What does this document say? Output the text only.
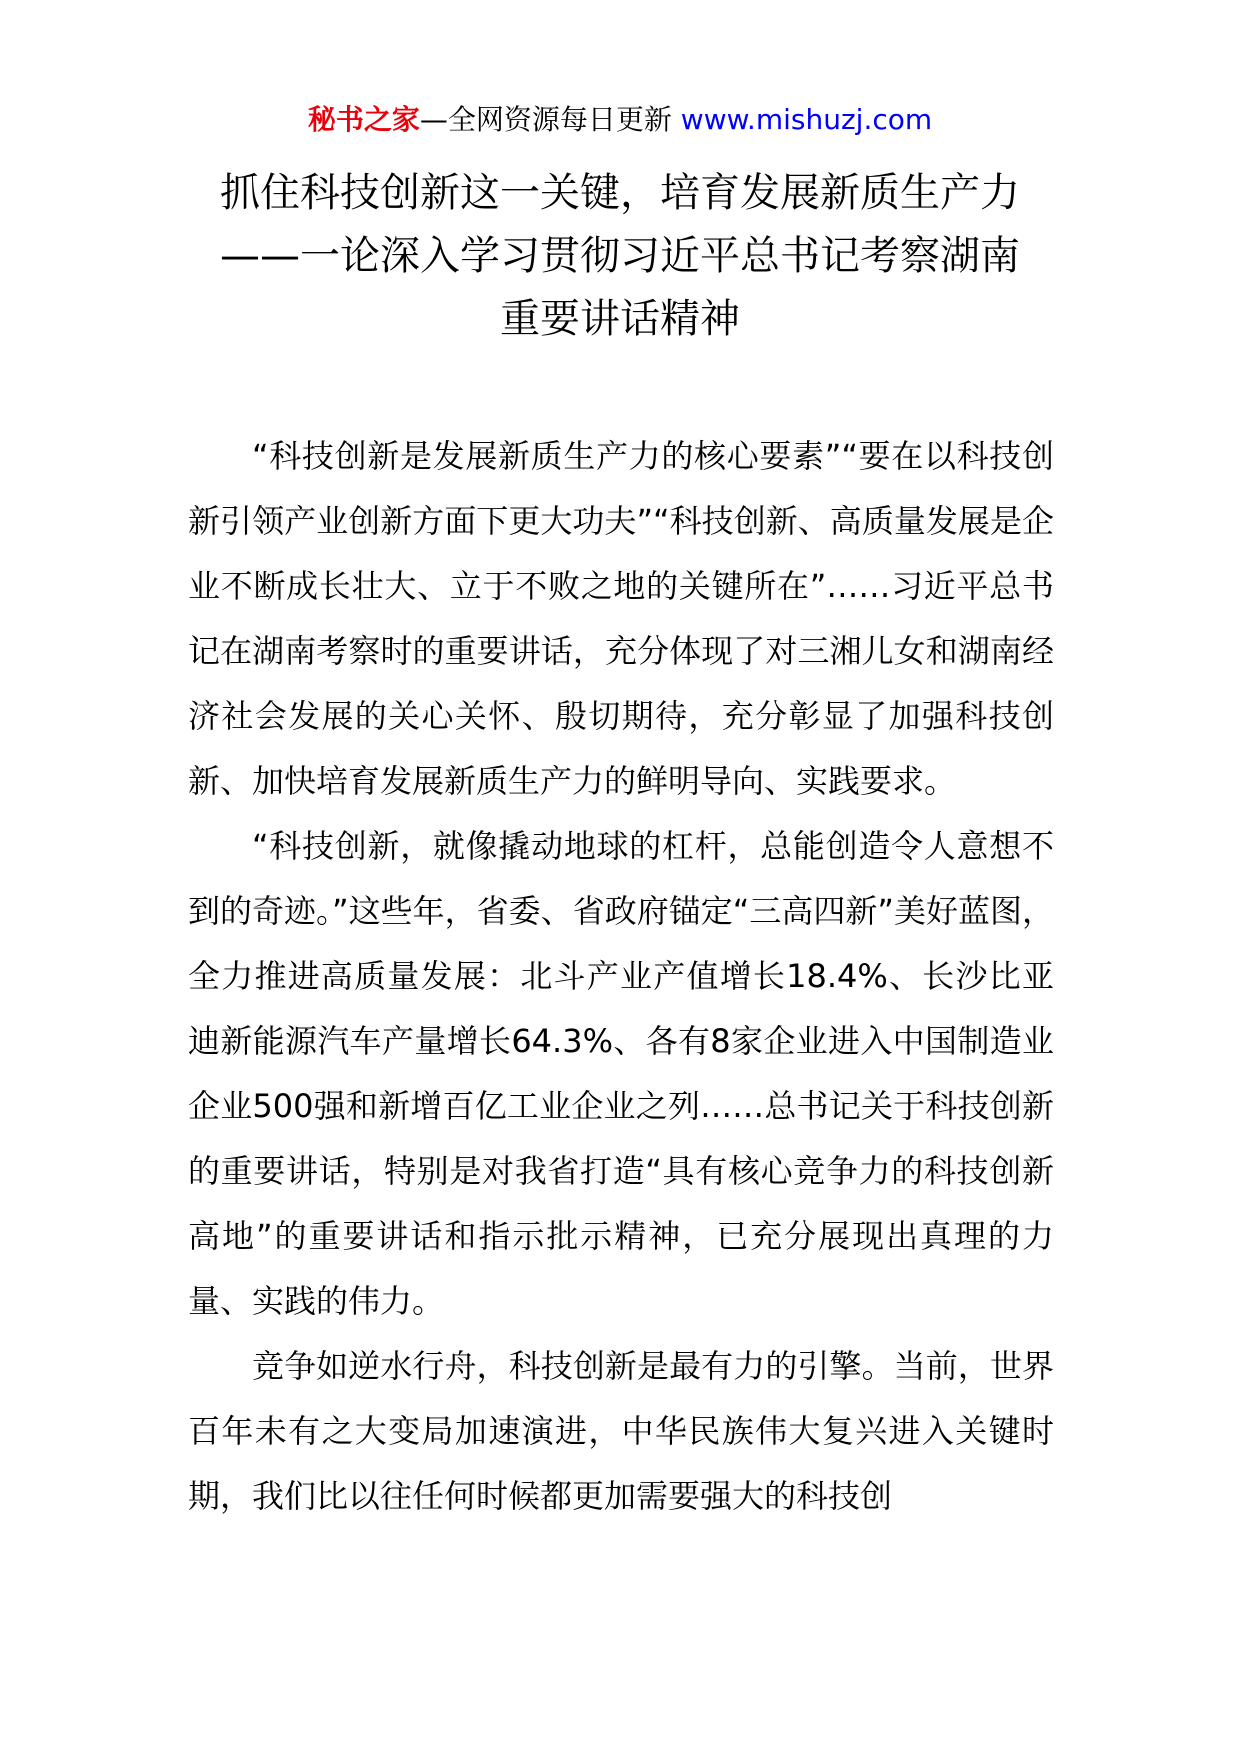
秘书之家—全网资源每日更新 www.mishuzj.com
抓住科技创新这一关键，培育发展新质生产力
——一论深入学习贯彻习近平总书记考察湖南
重要讲话精神

“科技创新是发展新质生产力的核心要素”“要在以科技创新引领产业创新方面下更大功夫”“科技创新、高质量发展是企业不断成长壮大、立于不败之地的关键所在”……习近平总书记在湖南考察时的重要讲话，充分体现了对三湘儿女和湖南经济社会发展的关心关怀、殷切期待，充分彰显了加强科技创新、加快培育发展新质生产力的鲜明导向、实践要求。

“科技创新，就像撬动地球的杠杆，总能创造令人意想不到的奇迹。”这些年，省委、省政府锚定“三高四新”美好蓝图，全力推进高质量发展：北斗产业产值增长18.4%、长沙比亚迪新能源汽车产量增长64.3%、各有8家企业进入中国制造业企业500强和新增百亿工业企业之列……总书记关于科技创新的重要讲话，特别是对我省打造“具有核心竞争力的科技创新高地”的重要讲话和指示批示精神，已充分展现出真理的力量、实践的伟力。

竞争如逆水行舟，科技创新是最有力的引擎。当前，世界百年未有之大变局加速演进，中华民族伟大复兴进入关键时期，我们比以往任何时候都更加需要强大的科技创
